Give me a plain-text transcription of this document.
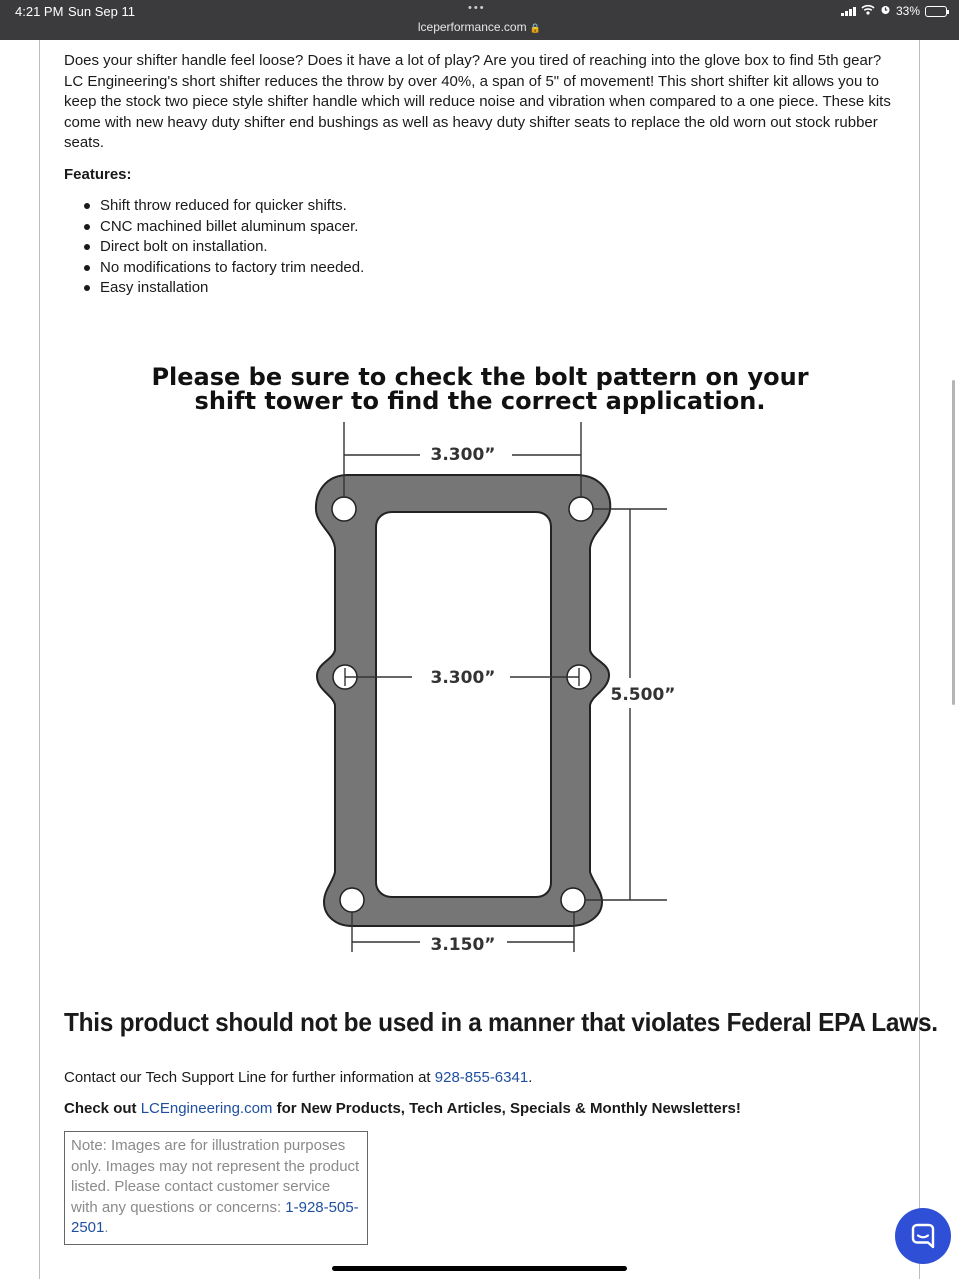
4:21 PM Sun Sep 11	•••
lceperformance.com 🔒
33%

Does your shifter handle feel loose? Does it have a lot of play? Are you tired of reaching into the glove box to find 5th gear? LC Engineering's short shifter reduces the throw by over 40%, a span of 5" of movement! This short shifter kit allows you to keep the stock two piece style shifter handle which will reduce noise and vibration when compared to a one piece. These kits come with new heavy duty shifter end bushings as well as heavy duty shifter seats to replace the old worn out stock rubber seats.

Features:
Shift throw reduced for quicker shifts.
CNC machined billet aluminum spacer.
Direct bolt on installation.
No modifications to factory trim needed.
Easy installation
Please be sure to check the bolt pattern on your
shift tower to find the correct application.
3.300”
3.300”
5.500”
3.150”
This product should not be used in a manner that violates Federal EPA Laws.

Contact our Tech Support Line for further information at 928-855-6341.

Check out LCEngineering.com for New Products, Tech Articles, Specials & Monthly Newsletters!

Note: Images are for illustration purposes only. Images may not represent the product listed. Please contact customer service with any questions or concerns: 1-928-505-2501.
